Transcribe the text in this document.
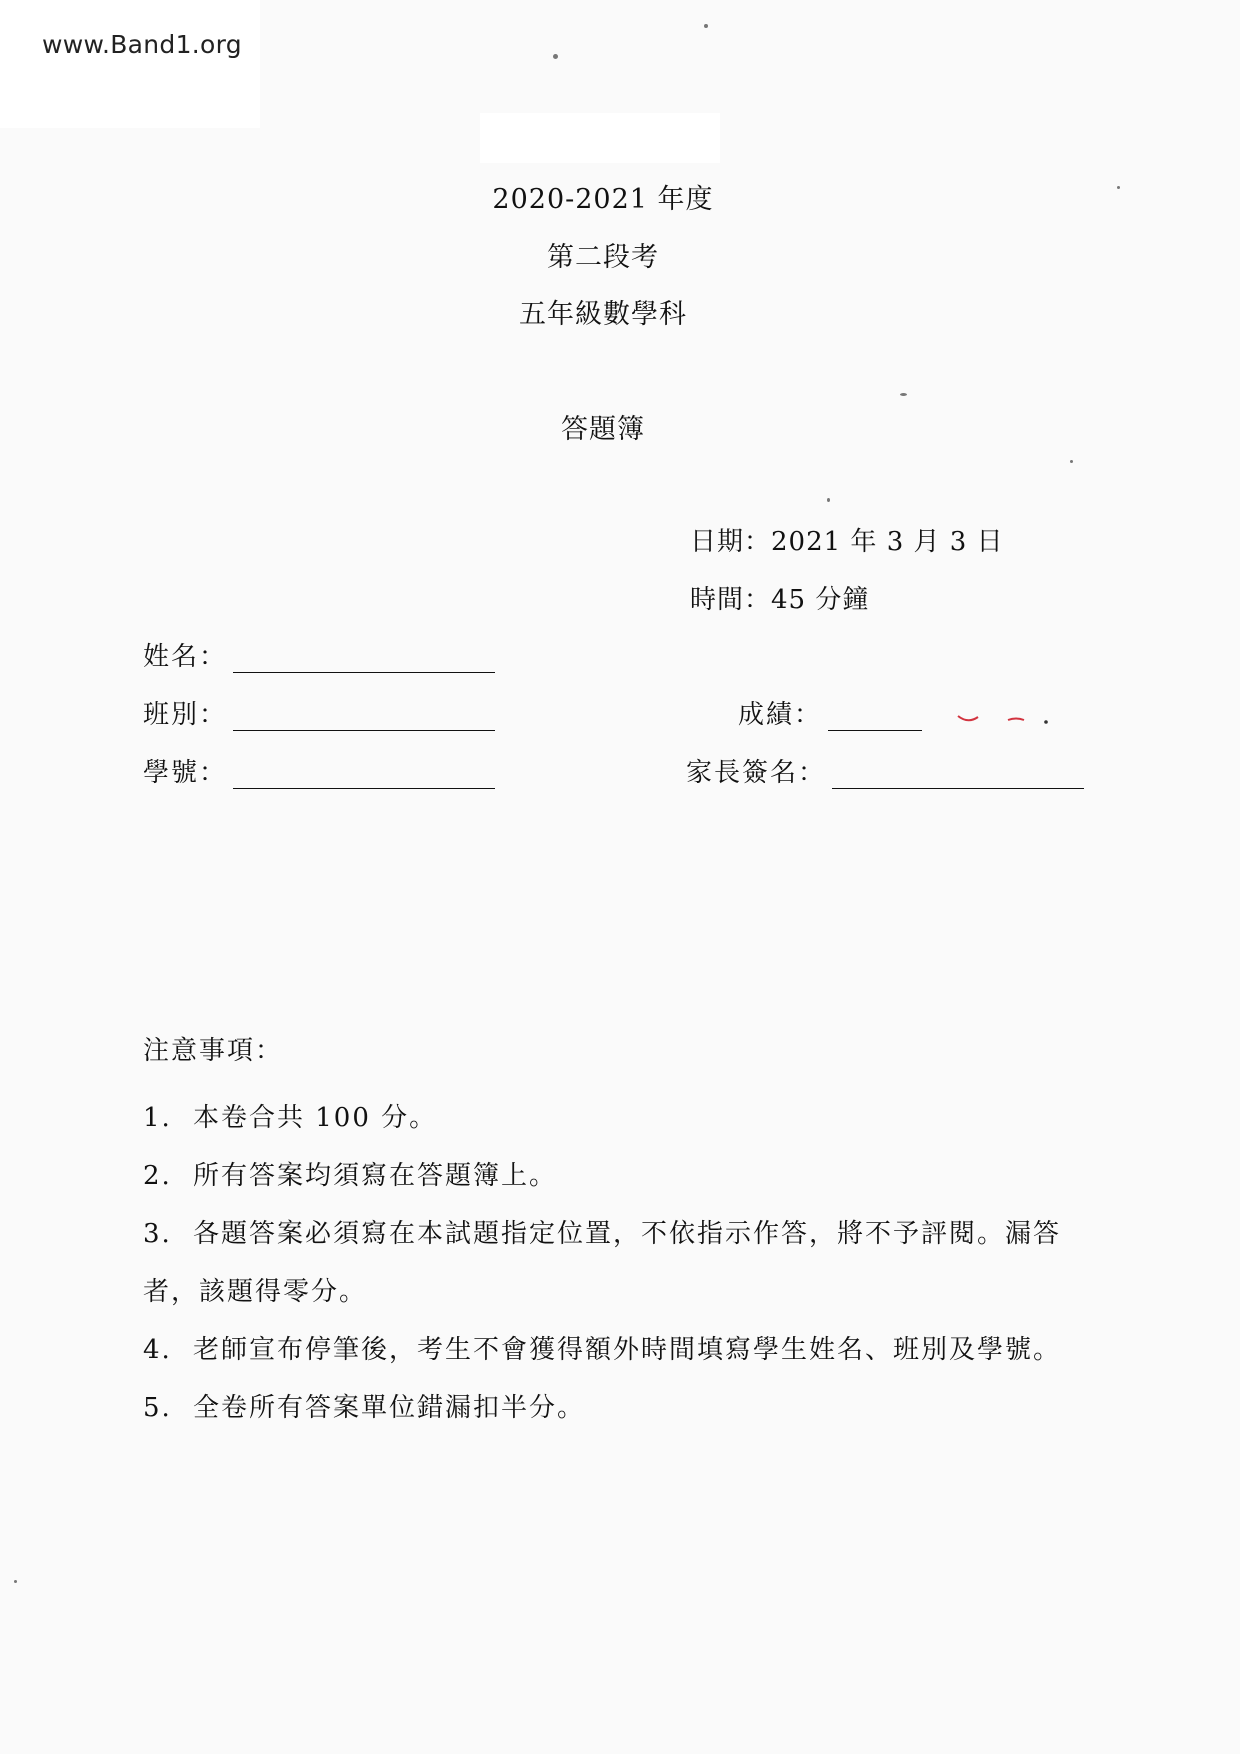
www.Band1.org
2020-2021 年度
第二段考
五年級數學科
答題簿
日期：2021 年 3 月 3 日
時間：45 分鐘
姓名：
班別：
學號：
成績：
家長簽名：
注意事項：
1. 本卷合共 100 分。
2. 所有答案均須寫在答題簿上。
3. 各題答案必須寫在本試題指定位置，不依指示作答，將不予評閱。漏答者，該題得零分。
4. 老師宣布停筆後，考生不會獲得額外時間填寫學生姓名、班別及學號。
5. 全卷所有答案單位錯漏扣半分。
